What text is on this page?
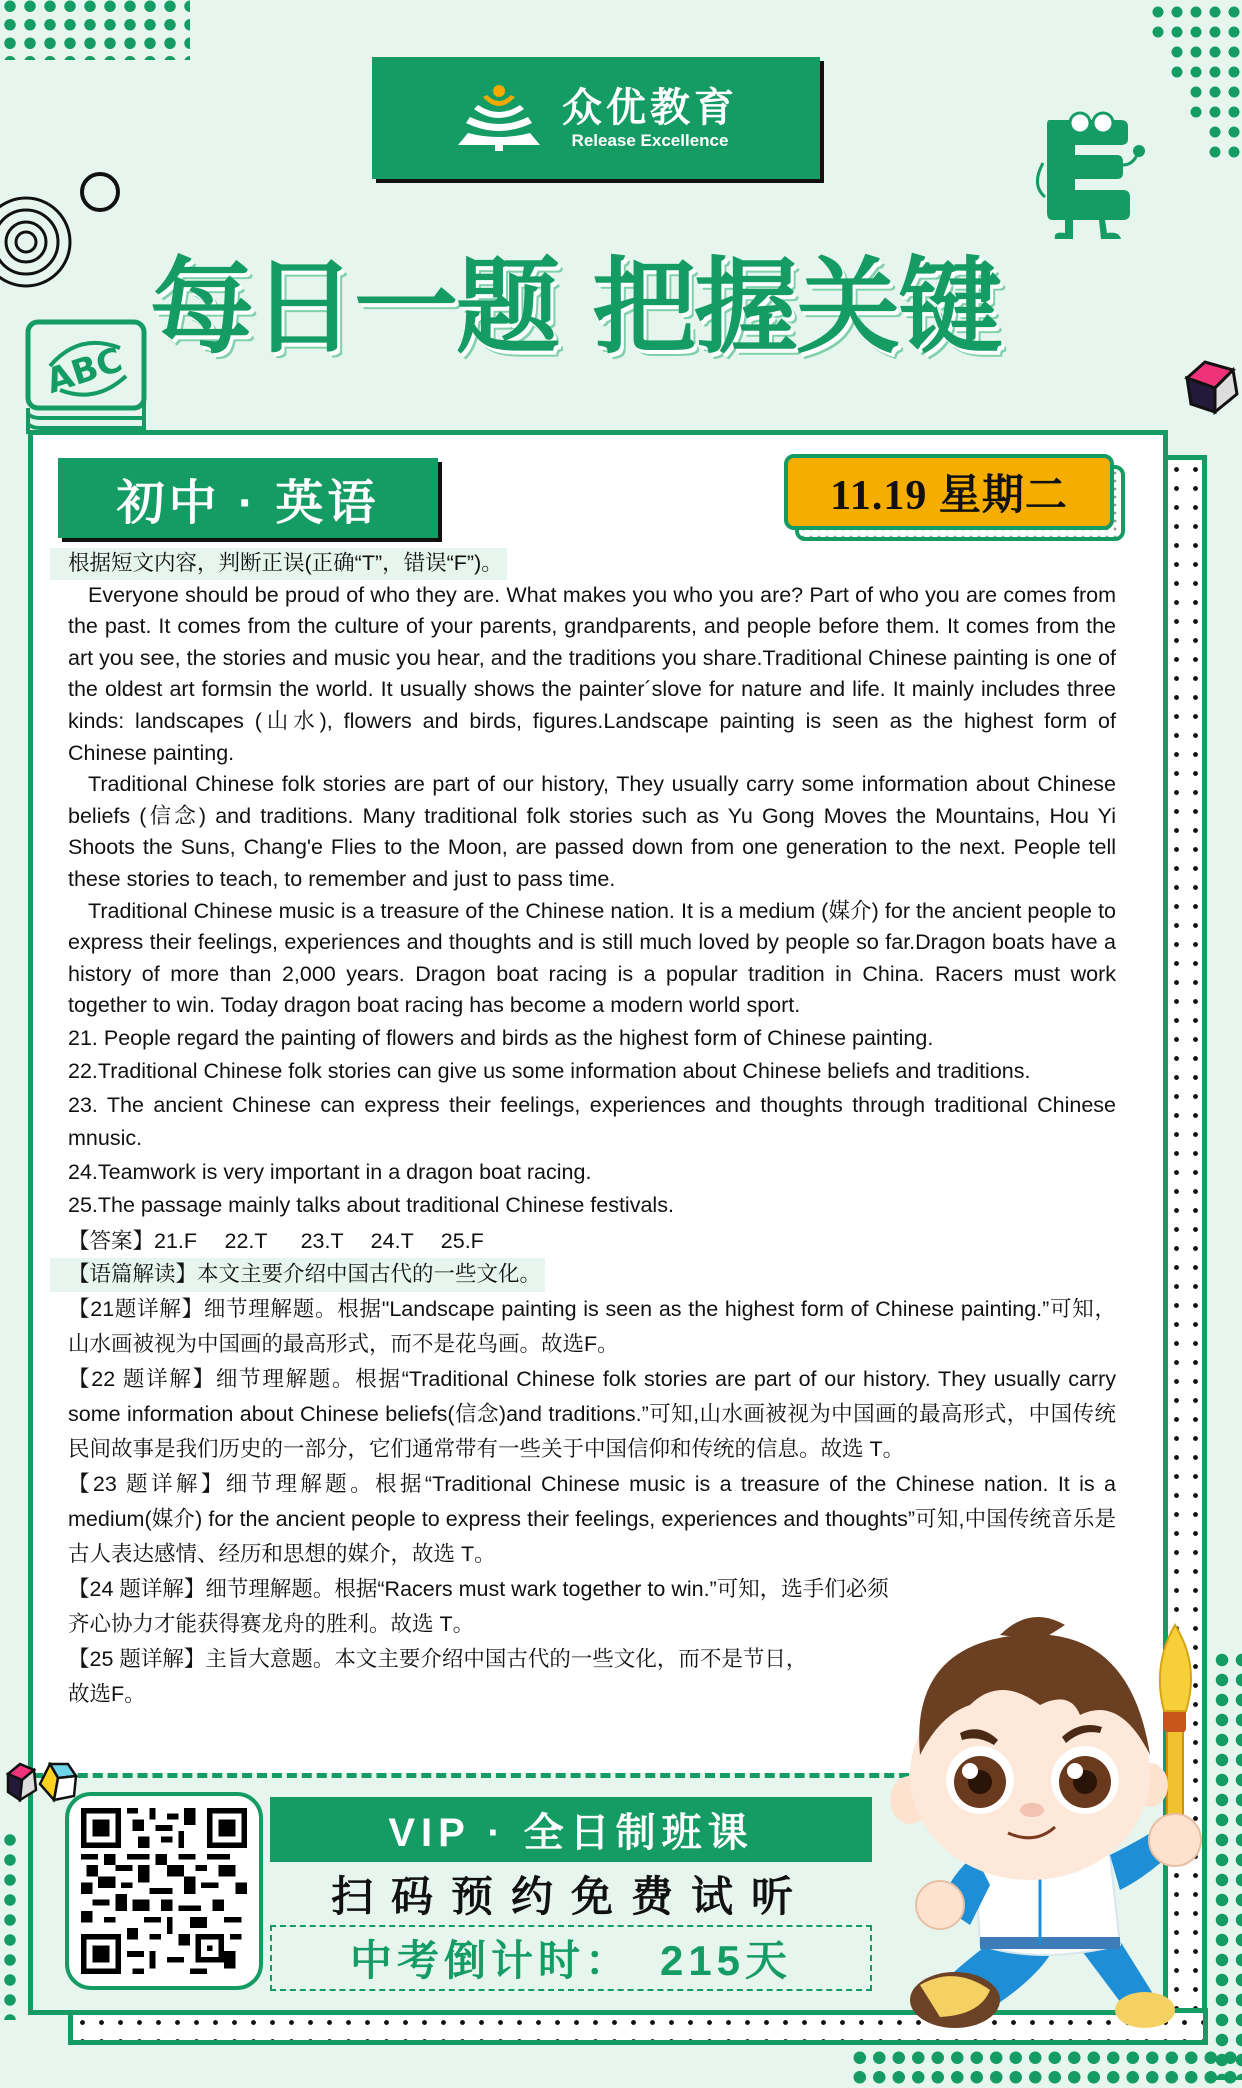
众优教育
Release Excellence
每日一题 把握关键
ABC
初中 · 英语	11.19 星期二

根据短文内容，判断正误(正确“T”，错误“F”)。

Everyone should be proud of who they are. What makes you who you are? Part of who you are comes from the past. It comes from the culture of your parents, grandparents, and people before them. It comes from the art you see, the stories and music you hear, and the traditions you share.Traditional Chinese painting is one of the oldest art formsin the world. It usually shows the painter´slove for nature and life. It mainly includes three kinds: landscapes (山水), flowers and birds, figures.Landscape painting is seen as the highest form of Chinese painting.

Traditional Chinese folk stories are part of our history, They usually carry some information about Chinese beliefs (信念) and traditions. Many traditional folk stories such as Yu Gong Moves the Mountains, Hou Yi Shoots the Suns, Chang'e Flies to the Moon, are passed down from one generation to the next. People tell these stories to teach, to remember and just to pass time.

Traditional Chinese music is a treasure of the Chinese nation. It is a medium (媒介) for the ancient people to express their feelings, experiences and thoughts and is still much loved by people so far.Dragon boats have a history of more than 2,000 years. Dragon boat racing is a popular tradition in China. Racers must work together to win. Today dragon boat racing has become a modern world sport.

21. People regard the painting of flowers and birds as the highest form of Chinese painting.

22.Traditional Chinese folk stories can give us some information about Chinese beliefs and traditions.

23. The ancient Chinese can express their feelings, experiences and thoughts through traditional Chinese mnusic.

24.Teamwork is very important in a dragon boat racing.

25.The passage mainly talks about traditional Chinese festivals.

【答案】21.F　 22.T 　 23.T　 24.T 　25.F

【语篇解读】本文主要介绍中国古代的一些文化。

【21题详解】细节理解题。根据"Landscape painting is seen as the highest form of Chinese painting.”可知，山水画被视为中国画的最高形式，而不是花鸟画。故选F。

【22 题详解】细节理解题。根据“Traditional Chinese folk stories are part of our history. They usually carry some information about Chinese beliefs(信念)and traditions.”可知,山水画被视为中国画的最高形式，中国传统民间故事是我们历史的一部分，它们通常带有一些关于中国信仰和传统的信息。故选 T。

【23 题详解】细节理解题。根据“Traditional Chinese music is a treasure of the Chinese nation. It is a medium(媒介) for the ancient people to express their feelings, experiences and thoughts”可知,中国传统音乐是古人表达感情、经历和思想的媒介，故选 T。

【24 题详解】细节理解题。根据“Racers must wark together to win.”可知，选手们必须

齐心协力才能获得赛龙舟的胜利。故选 T。

【25 题详解】主旨大意题。本文主要介绍中国古代的一些文化，而不是节日，

故选F。

VIP · 全日制班课
扫码预约免费试听
中考倒计时： 215天
